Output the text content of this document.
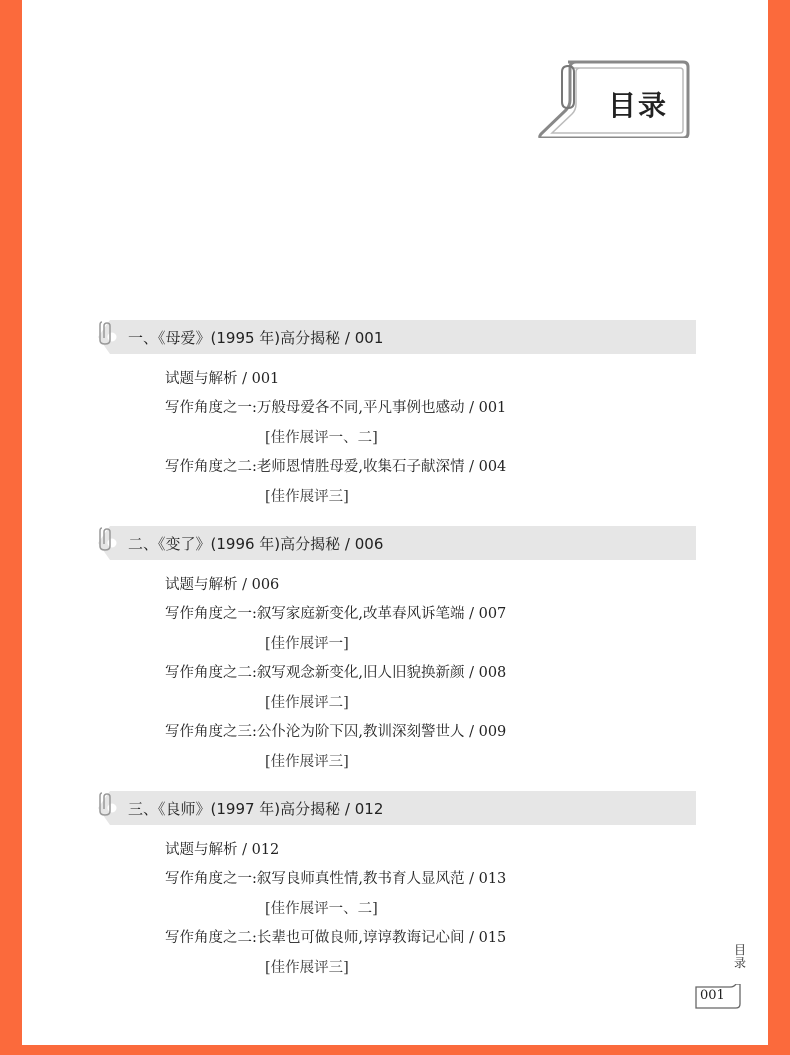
目录
一、《母爱》(1995 年)高分揭秘 / 001
试题与解析 / 001
写作角度之一:万般母爱各不同,平凡事例也感动 / 001
[佳作展评一、二]
写作角度之二:老师恩情胜母爱,收集石子献深情 / 004
[佳作展评三]
二、《变了》(1996 年)高分揭秘 / 006
试题与解析 / 006
写作角度之一:叙写家庭新变化,改革春风诉笔端 / 007
[佳作展评一]
写作角度之二:叙写观念新变化,旧人旧貌换新颜 / 008
[佳作展评二]
写作角度之三:公仆沦为阶下囚,教训深刻警世人 / 009
[佳作展评三]
三、《良师》(1997 年)高分揭秘 / 012
试题与解析 / 012
写作角度之一:叙写良师真性情,教书育人显风范 / 013
[佳作展评一、二]
写作角度之二:长辈也可做良师,谆谆教诲记心间 / 015
[佳作展评三]
目录
001
